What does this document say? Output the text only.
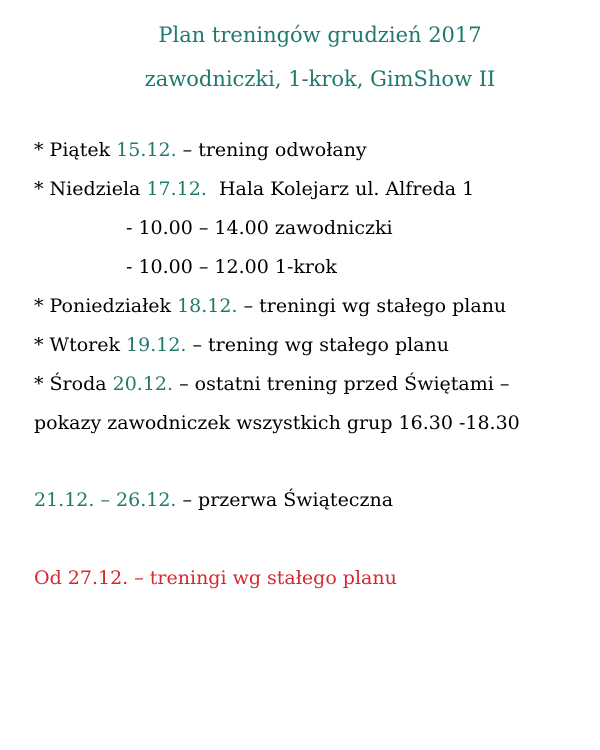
Plan treningów grudzień 2017
zawodniczki, 1-krok, GimShow II
* Piątek 15.12. – trening odwołany
* Niedziela 17.12.  Hala Kolejarz ul. Alfreda 1
- 10.00 – 14.00 zawodniczki
- 10.00 – 12.00 1-krok
* Poniedziałek 18.12. – treningi wg stałego planu
* Wtorek 19.12. – trening wg stałego planu
* Środa 20.12. – ostatni trening przed Świętami –
pokazy zawodniczek wszystkich grup 16.30 -18.30
21.12. – 26.12. – przerwa Świąteczna
Od 27.12. – treningi wg stałego planu
